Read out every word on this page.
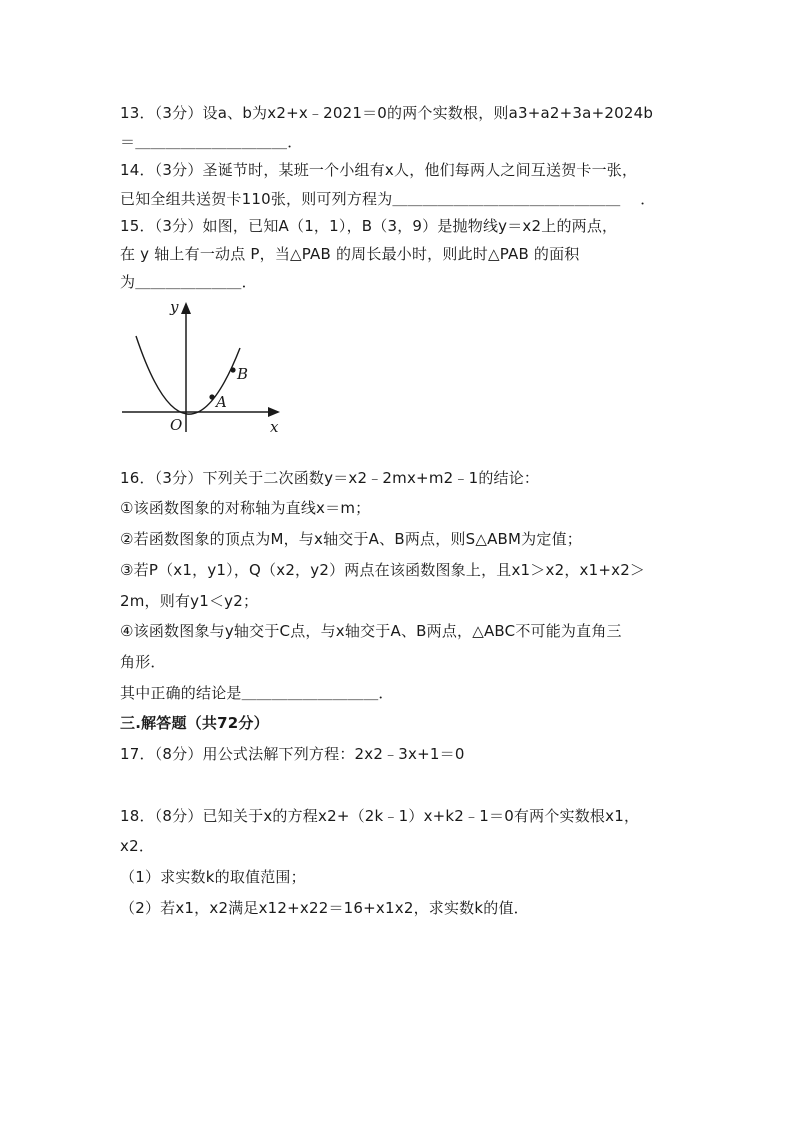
13．（3分）设a、b为x2+x﹣2021＝0的两个实数根，则a3+a2+3a+2024b
＝＿＿＿＿＿＿＿＿＿＿．
14．（3分）圣诞节时，某班一个小组有x人，他们每两人之间互送贺卡一张，
已知全组共送贺卡110张，则可列方程为＿＿＿＿＿＿＿＿＿＿＿＿＿＿＿    ．
15．（3分）如图，已知A（1，1），B（3，9）是抛物线y＝x2上的两点，
在 y 轴上有一动点 P，当△PAB 的周长最小时，则此时△PAB 的面积
为＿＿＿＿＿＿＿．
y
x
O
A
B
16．（3分）下列关于二次函数y＝x2﹣2mx+m2﹣1的结论：
①该函数图象的对称轴为直线x＝m；
②若函数图象的顶点为M，与x轴交于A、B两点，则S△ABM为定值；
③若P（x1，y1），Q（x2，y2）两点在该函数图象上，且x1＞x2，x1+x2＞
2m，则有y1＜y2；
④该函数图象与y轴交于C点，与x轴交于A、B两点，△ABC不可能为直角三
角形．
其中正确的结论是＿＿＿＿＿＿＿＿＿．
三.解答题（共72分）
17．（8分）用公式法解下列方程：2x2﹣3x+1＝0
18．（8分）已知关于x的方程x2+（2k﹣1）x+k2﹣1＝0有两个实数根x1，
x2．
（1）求实数k的取值范围；
（2）若x1，x2满足x12+x22＝16+x1x2，求实数k的值．
